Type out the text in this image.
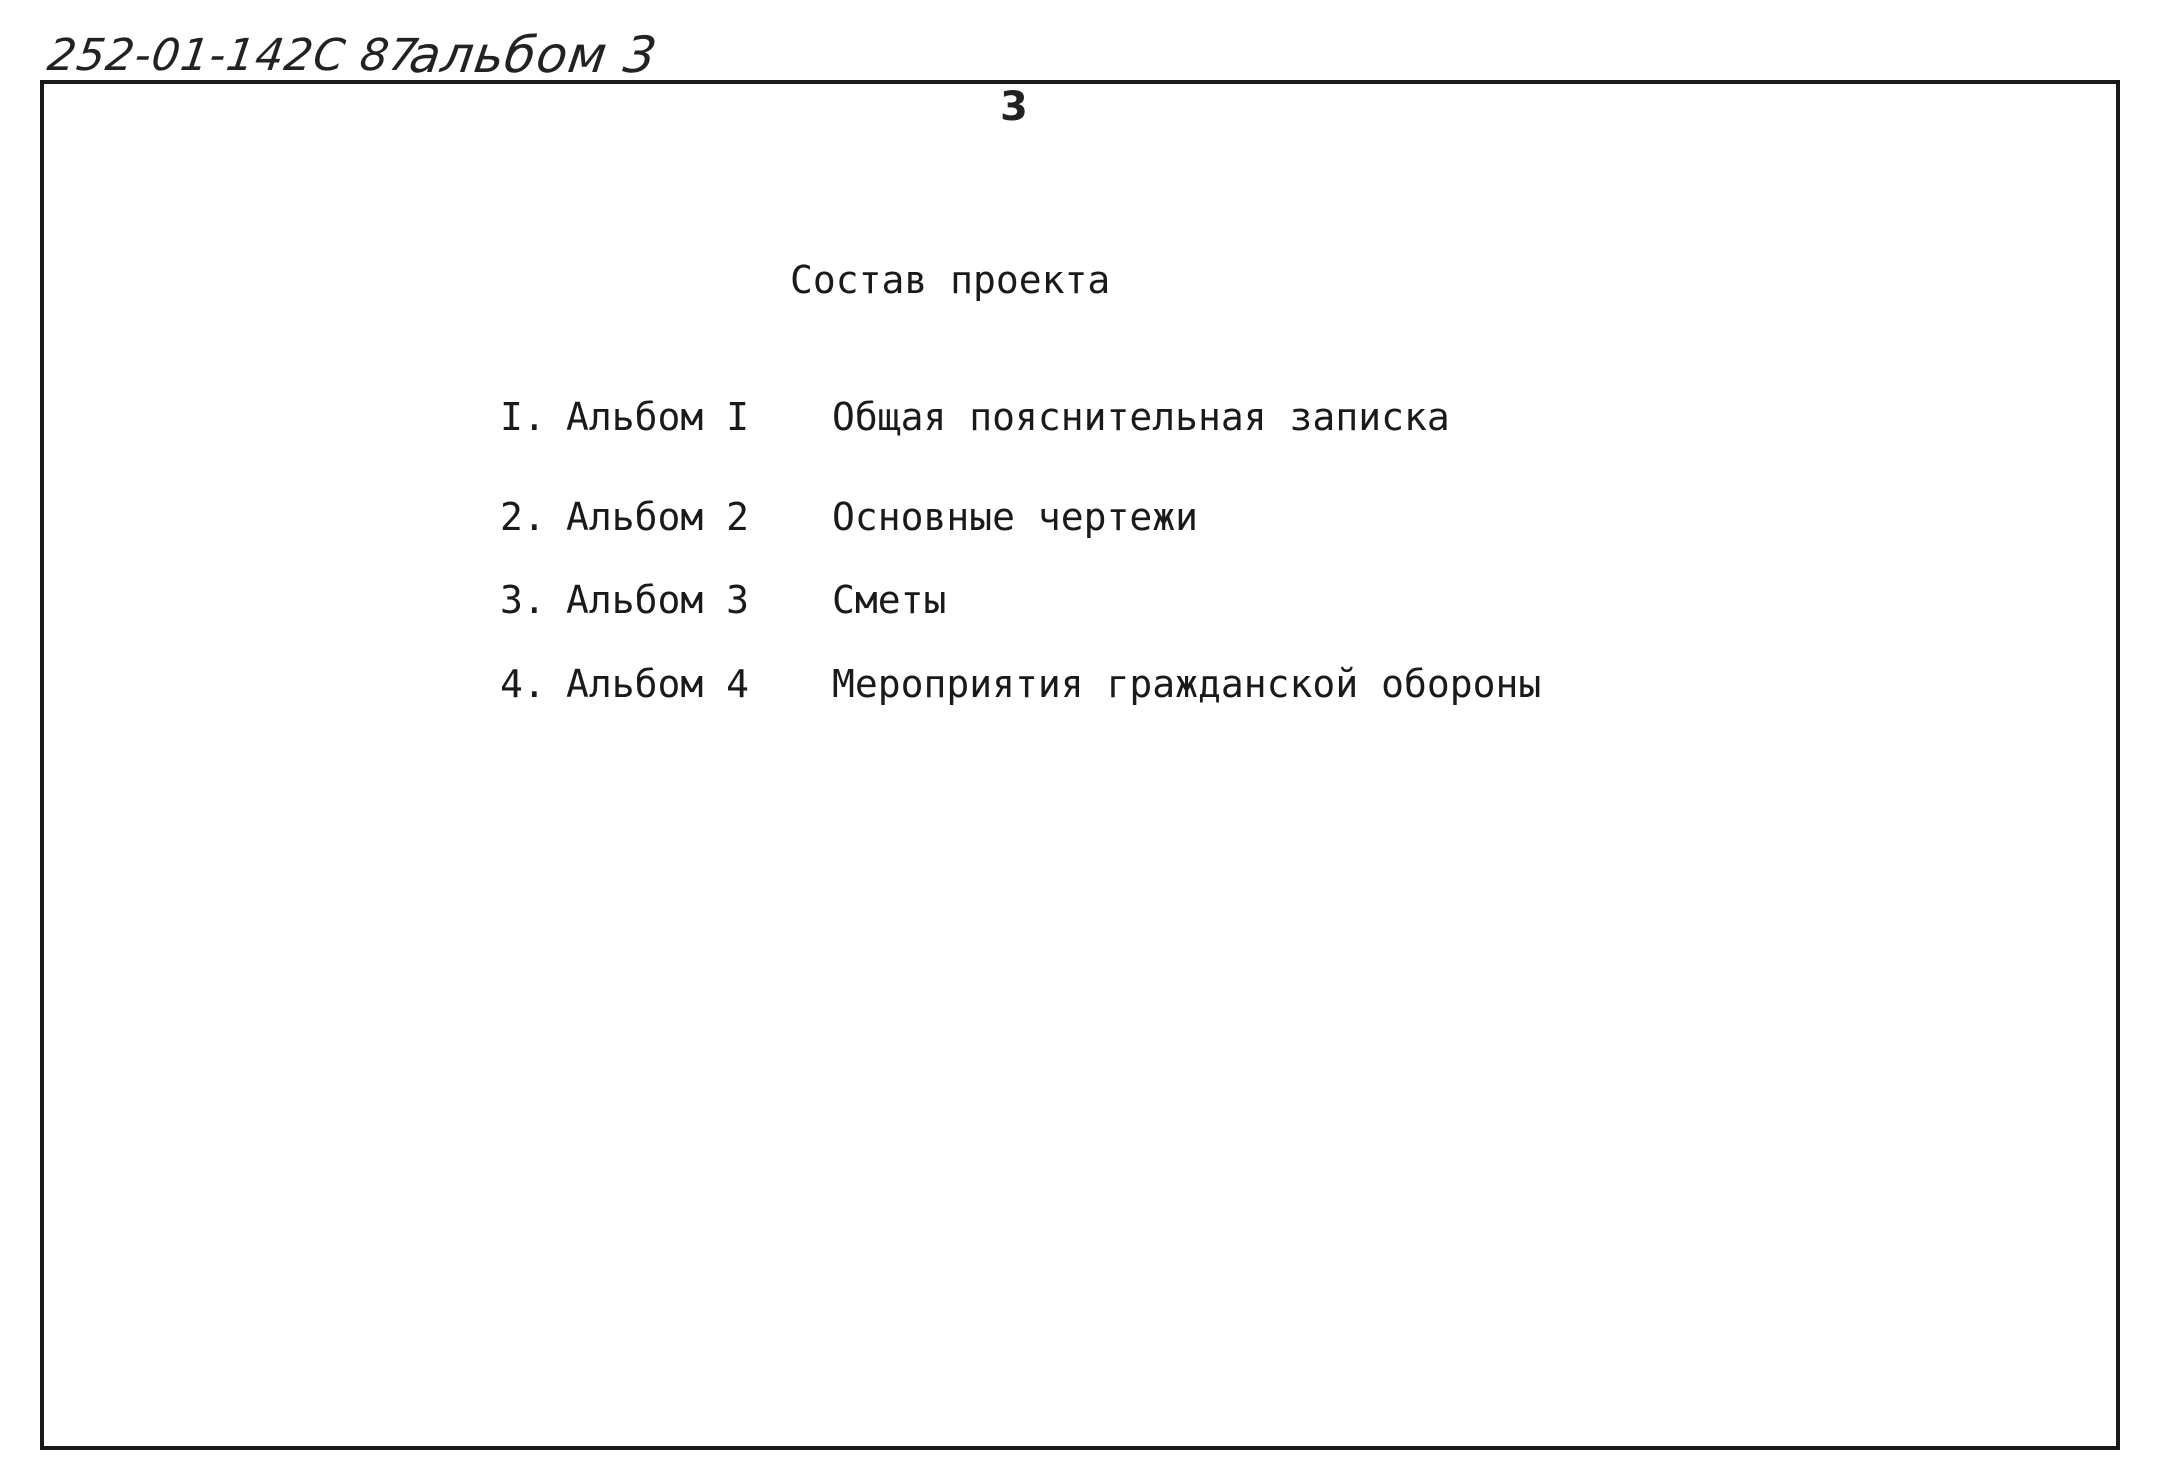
252-01-142С 87
альбом 3
3
Состав проекта
I. Альбом I	Общая пояснительная записка
2. Альбом 2	Основные чертежи
3. Альбом 3	Сметы
4. Альбом 4	Мероприятия гражданской обороны
